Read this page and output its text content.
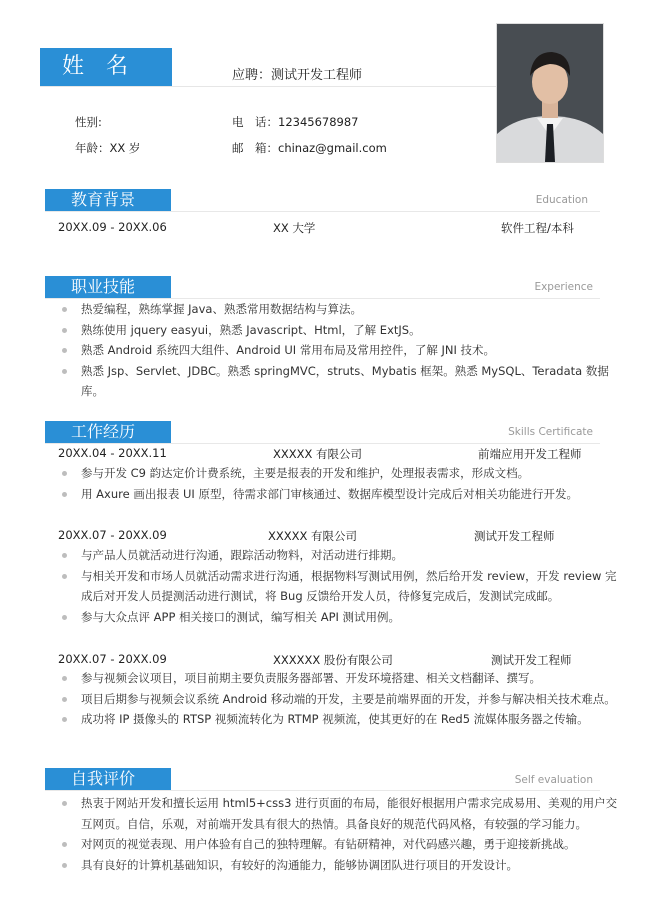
姓名	应聘：测试开发工程师
性别:
年龄：XX 岁
电　话：12345678987
邮　箱：chinaz@gmail.com
教育背景	Education
20XX.09 - 20XX.06	XX 大学	软件工程/本科
职业技能	Experience
热爱编程，熟练掌握 Java、熟悉常用数据结构与算法。
熟练使用 jquery easyui，熟悉 Javascript、Html，了解 ExtJS。
熟悉 Android 系统四大组件、Android UI 常用布局及常用控件，了解 JNI 技术。
熟悉 Jsp、Servlet、JDBC。熟悉 springMVC，struts、Mybatis 框架。熟悉 MySQL、Teradata 数据库。
工作经历	Skills Certificate
20XX.04 - 20XX.11	XXXXX 有限公司	前端应用开发工程师
参与开发 C9 韵达定价计费系统，主要是报表的开发和维护，处理报表需求，形成文档。
用 Axure 画出报表 UI 原型，待需求部门审核通过、数据库模型设计完成后对相关功能进行开发。
20XX.07 - 20XX.09	XXXXX 有限公司	测试开发工程师
与产品人员就活动进行沟通，跟踪活动物料，对活动进行排期。
与相关开发和市场人员就活动需求进行沟通，根据物料写测试用例，然后给开发 review，开发 review 完成后对开发人员提测活动进行测试，将 Bug 反馈给开发人员，待修复完成后，发测试完成邮。
参与大众点评 APP 相关接口的测试，编写相关 API 测试用例。
20XX.07 - 20XX.09	XXXXXX 股份有限公司	测试开发工程师
参与视频会议项目，项目前期主要负责服务器部署、开发环境搭建、相关文档翻译、撰写。
项目后期参与视频会议系统 Android 移动端的开发，主要是前端界面的开发，并参与解决相关技术难点。
成功将 IP 摄像头的 RTSP 视频流转化为 RTMP 视频流，使其更好的在 Red5 流媒体服务器之传输。
自我评价	Self evaluation
热衷于网站开发和擅长运用 html5+css3 进行页面的布局，能很好根据用户需求完成易用、美观的用户交互网页。自信，乐观，对前端开发具有很大的热情。具备良好的规范代码风格，有较强的学习能力。
对网页的视觉表现、用户体验有自己的独特理解。有钻研精神，对代码感兴趣，勇于迎接新挑战。
具有良好的计算机基础知识，有较好的沟通能力，能够协调团队进行项目的开发设计。
